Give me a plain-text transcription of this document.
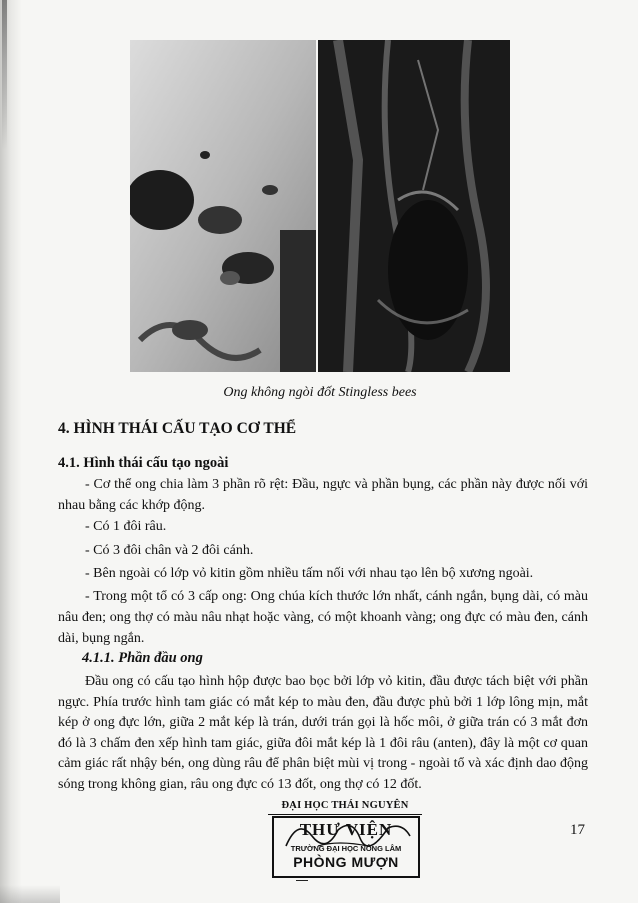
Ong không ngòi đốt Stingless bees
4. HÌNH THÁI CẤU TẠO CƠ THỂ
4.1. Hình thái cấu tạo ngoài
- Cơ thể ong chia làm 3 phần rõ rệt: Đầu, ngực và phần bụng, các phần này được nối với nhau bằng các khớp động.
- Có 1 đôi râu.
- Có 3 đôi chân và 2 đôi cánh.
- Bên ngoài có lớp vỏ kitin gồm nhiều tấm nối với nhau tạo lên bộ xương ngoài.
- Trong một tổ có 3 cấp ong: Ong chúa kích thước lớn nhất, cánh ngắn, bụng dài, có màu nâu đen; ong thợ có màu nâu nhạt hoặc vàng, có một khoanh vàng; ong đực có màu đen, cánh dài, bụng ngắn.
4.1.1. Phần đầu ong
Đầu ong có cấu tạo hình hộp được bao bọc bởi lớp vỏ kitin, đầu được tách biệt với phần ngực. Phía trước hình tam giác có mắt kép to màu đen, đầu được phủ bởi 1 lớp lông mịn, mắt kép ở ong đực lớn, giữa 2 mắt kép là trán, dưới trán gọi là hốc môi, ở giữa trán có 3 mắt đơn đó là 3 chấm đen xếp hình tam giác, giữa đôi mắt kép là 1 đôi râu (anten), đây là một cơ quan cảm giác rất nhậy bén, ong dùng râu để phân biệt mùi vị trong - ngoài tổ và xác định dao động sóng trong không gian, râu ong đực có 13 đốt, ong thợ có 12 đốt.
ĐẠI HỌC THÁI NGUYÊN
THƯ VIỆN
TRƯỜNG ĐẠI HỌC NÔNG LÂM
PHÒNG MƯỢN
17
